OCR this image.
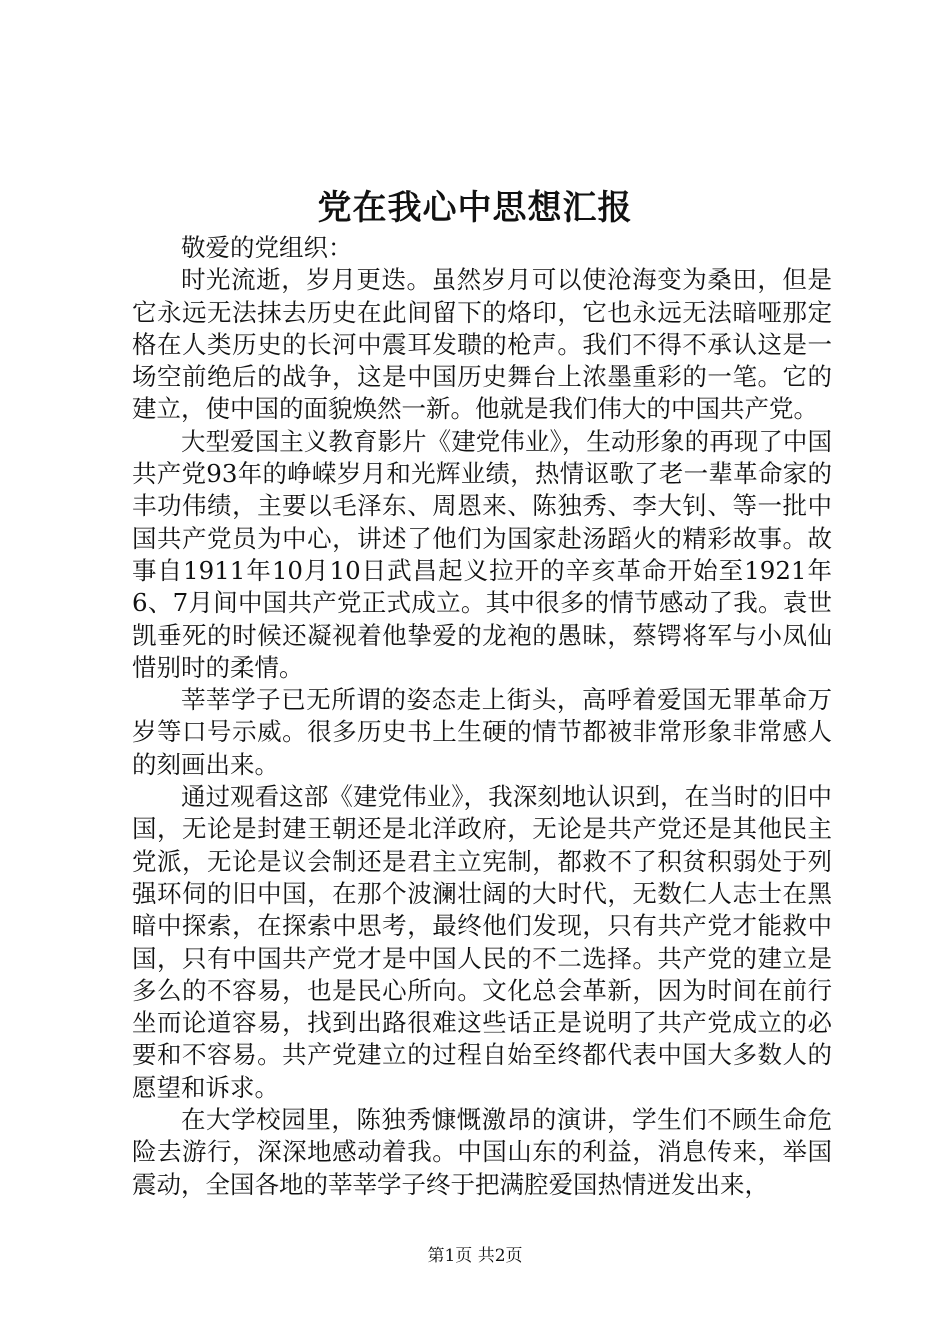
党在我心中思想汇报

敬爱的党组织：

时光流逝，岁月更迭。虽然岁月可以使沧海变为桑田，但是它永远无法抹去历史在此间留下的烙印，它也永远无法暗哑那定格在人类历史的长河中震耳发聩的枪声。我们不得不承认这是一场空前绝后的战争，这是中国历史舞台上浓墨重彩的一笔。它的建立，使中国的面貌焕然一新。他就是我们伟大的中国共产党。

大型爱国主义教育影片《建党伟业》，生动形象的再现了中国共产党93年的峥嵘岁月和光辉业绩，热情讴歌了老一辈革命家的丰功伟绩，主要以毛泽东、周恩来、陈独秀、李大钊、等一批中国共产党员为中心，讲述了他们为国家赴汤蹈火的精彩故事。故事自1911年10月10日武昌起义拉开的辛亥革命开始至1921年6、7月间中国共产党正式成立。其中很多的情节感动了我。袁世凯垂死的时候还凝视着他挚爱的龙袍的愚昧，蔡锷将军与小凤仙惜别时的柔情。

莘莘学子已无所谓的姿态走上街头，高呼着爱国无罪革命万岁等口号示威。很多历史书上生硬的情节都被非常形象非常感人的刻画出来。

通过观看这部《建党伟业》，我深刻地认识到，在当时的旧中国，无论是封建王朝还是北洋政府，无论是共产党还是其他民主党派，无论是议会制还是君主立宪制，都救不了积贫积弱处于列强环伺的旧中国，在那个波澜壮阔的大时代，无数仁人志士在黑暗中探索，在探索中思考，最终他们发现，只有共产党才能救中国，只有中国共产党才是中国人民的不二选择。共产党的建立是多么的不容易，也是民心所向。文化总会革新，因为时间在前行坐而论道容易，找到出路很难这些话正是说明了共产党成立的必要和不容易。共产党建立的过程自始至终都代表中国大多数人的愿望和诉求。

在大学校园里，陈独秀慷慨激昂的演讲，学生们不顾生命危险去游行，深深地感动着我。中国山东的利益，消息传来，举国震动，全国各地的莘莘学子终于把满腔爱国热情迸发出来，

第1页 共2页
